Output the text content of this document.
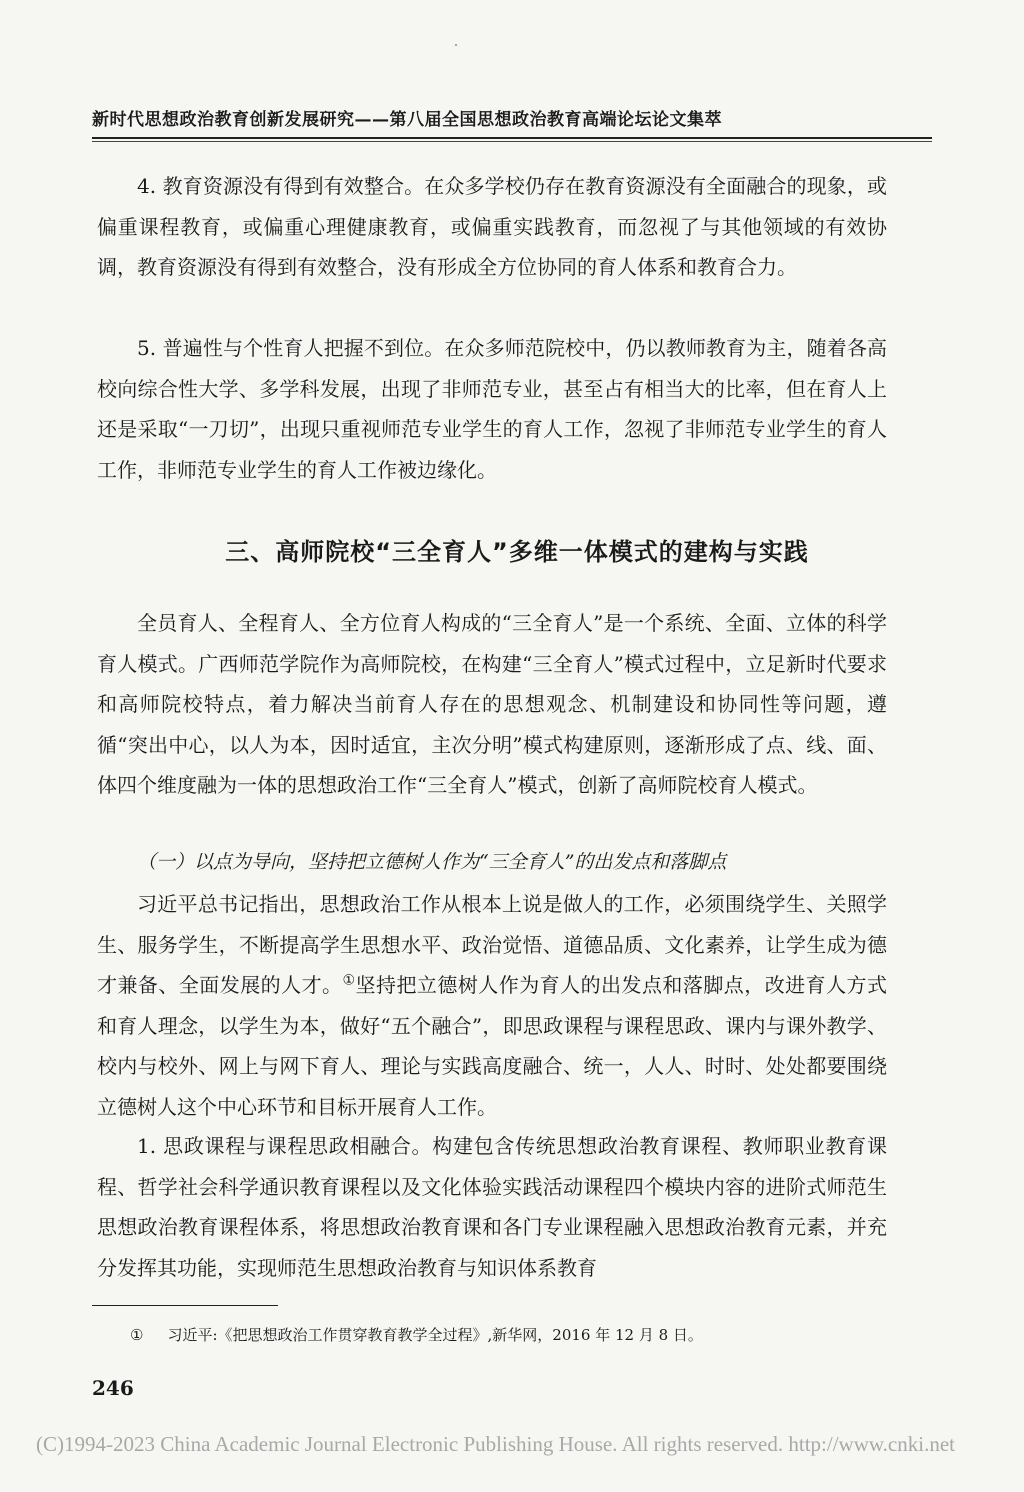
新时代思想政治教育创新发展研究——第八届全国思想政治教育高端论坛论文集萃

4. 教育资源没有得到有效整合。在众多学校仍存在教育资源没有全面融合的现象，或偏重课程教育，或偏重心理健康教育，或偏重实践教育，而忽视了与其他领域的有效协调，教育资源没有得到有效整合，没有形成全方位协同的育人体系和教育合力。

5. 普遍性与个性育人把握不到位。在众多师范院校中，仍以教师教育为主，随着各高校向综合性大学、多学科发展，出现了非师范专业，甚至占有相当大的比率，但在育人上还是采取“一刀切”，出现只重视师范专业学生的育人工作，忽视了非师范专业学生的育人工作，非师范专业学生的育人工作被边缘化。

三、高师院校“三全育人”多维一体模式的建构与实践

全员育人、全程育人、全方位育人构成的“三全育人”是一个系统、全面、立体的科学育人模式。广西师范学院作为高师院校，在构建“三全育人”模式过程中，立足新时代要求和高师院校特点，着力解决当前育人存在的思想观念、机制建设和协同性等问题，遵循“突出中心，以人为本，因时适宜，主次分明”模式构建原则，逐渐形成了点、线、面、体四个维度融为一体的思想政治工作“三全育人”模式，创新了高师院校育人模式。

（一）以点为导向，坚持把立德树人作为“三全育人”的出发点和落脚点

习近平总书记指出，思想政治工作从根本上说是做人的工作，必须围绕学生、关照学生、服务学生，不断提高学生思想水平、政治觉悟、道德品质、文化素养，让学生成为德才兼备、全面发展的人才。①坚持把立德树人作为育人的出发点和落脚点，改进育人方式和育人理念，以学生为本，做好“五个融合”，即思政课程与课程思政、课内与课外教学、校内与校外、网上与网下育人、理论与实践高度融合、统一，人人、时时、处处都要围绕立德树人这个中心环节和目标开展育人工作。

1. 思政课程与课程思政相融合。构建包含传统思想政治教育课程、教师职业教育课程、哲学社会科学通识教育课程以及文化体验实践活动课程四个模块内容的进阶式师范生思想政治教育课程体系，将思想政治教育课和各门专业课程融入思想政治教育元素，并充分发挥其功能，实现师范生思想政治教育与知识体系教育

① 习近平:《把思想政治工作贯穿教育教学全过程》,新华网，2016 年 12 月 8 日。

246
(C)1994-2023 China Academic Journal Electronic Publishing House. All rights reserved. http://www.cnki.net
